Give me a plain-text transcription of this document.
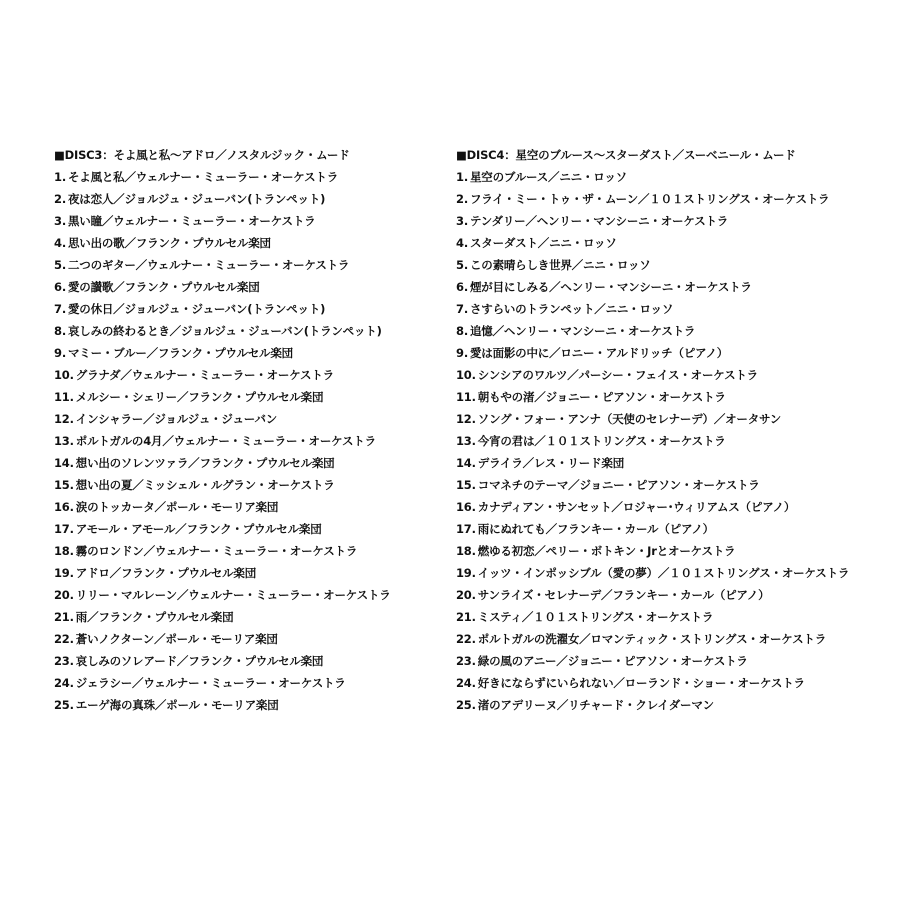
■DISC3：そよ風と私〜アドロ／ノスタルジック・ムード
1 . そよ風と私／ウェルナー・ミューラー・オーケストラ
2 . 夜は恋人／ジョルジュ・ジューバン(トランペット)
3 . 黒い瞳／ウェルナー・ミューラー・オーケストラ
4 . 思い出の歌／フランク・プウルセル楽団
5 . 二つのギター／ウェルナー・ミューラー・オーケストラ
6 . 愛の讃歌／フランク・プウルセル楽団
7 . 愛の休日／ジョルジュ・ジューバン(トランペット)
8 . 哀しみの終わるとき／ジョルジュ・ジューバン(トランペット)
9 . マミー・ブルー／フランク・プウルセル楽団
10 . グラナダ／ウェルナー・ミューラー・オーケストラ
11 . メルシー・シェリー／フランク・プウルセル楽団
12 . インシャラー／ジョルジュ・ジューバン
13 . ポルトガルの4月／ウェルナー・ミューラー・オーケストラ
14 . 想い出のソレンツァラ／フランク・プウルセル楽団
15 . 想い出の夏／ミッシェル・ルグラン・オーケストラ
16 . 涙のトッカータ／ポール・モーリア楽団
17 . アモール・アモール／フランク・プウルセル楽団
18 . 霧のロンドン／ウェルナー・ミューラー・オーケストラ
19 . アドロ／フランク・プウルセル楽団
20 . リリー・マルレーン／ウェルナー・ミューラー・オーケストラ
21 . 雨／フランク・プウルセル楽団
22 . 蒼いノクターン／ポール・モーリア楽団
23 . 哀しみのソレアード／フランク・プウルセル楽団
24 . ジェラシー／ウェルナー・ミューラー・オーケストラ
25 . エーゲ海の真珠／ポール・モーリア楽団
■DISC4：星空のブルース〜スターダスト／スーベニール・ムード
1 . 星空のブルース／ニニ・ロッソ
2 . フライ・ミー・トゥ・ザ・ムーン／１０１ストリングス・オーケストラ
3 . テンダリー／ヘンリー・マンシーニ・オーケストラ
4 . スターダスト／ニニ・ロッソ
5 . この素晴らしき世界／ニニ・ロッソ
6 . 煙が目にしみる／ヘンリー・マンシーニ・オーケストラ
7 . さすらいのトランペット／ニニ・ロッソ
8 . 追憶／ヘンリー・マンシーニ・オーケストラ
9 . 愛は面影の中に／ロニー・アルドリッチ（ピアノ）
10 . シンシアのワルツ／パーシー・フェイス・オーケストラ
11 . 朝もやの渚／ジョニー・ピアソン・オーケストラ
12 . ソング・フォー・アンナ（天使のセレナーデ）／オータサン
13 . 今宵の君は／１０１ストリングス・オーケストラ
14 . デライラ／レス・リード楽団
15 . コマネチのテーマ／ジョニー・ピアソン・オーケストラ
16 . カナディアン・サンセット／ロジャー･ウィリアムス（ピアノ）
17 . 雨にぬれても／フランキー・カール（ピアノ）
18 . 燃ゆる初恋／ペリー・ボトキン・Jrとオーケストラ
19 . イッツ・インポッシブル（愛の夢）／１０１ストリングス・オーケストラ
20 . サンライズ・セレナーデ／フランキー・カール（ピアノ）
21 . ミスティ／１０１ストリングス・オーケストラ
22 . ポルトガルの洗濯女／ロマンティック・ストリングス・オーケストラ
23 . 緑の風のアニー／ジョニー・ピアソン・オーケストラ
24 . 好きにならずにいられない／ローランド・ショー・オーケストラ
25 . 渚のアデリーヌ／リチャード・クレイダーマン
